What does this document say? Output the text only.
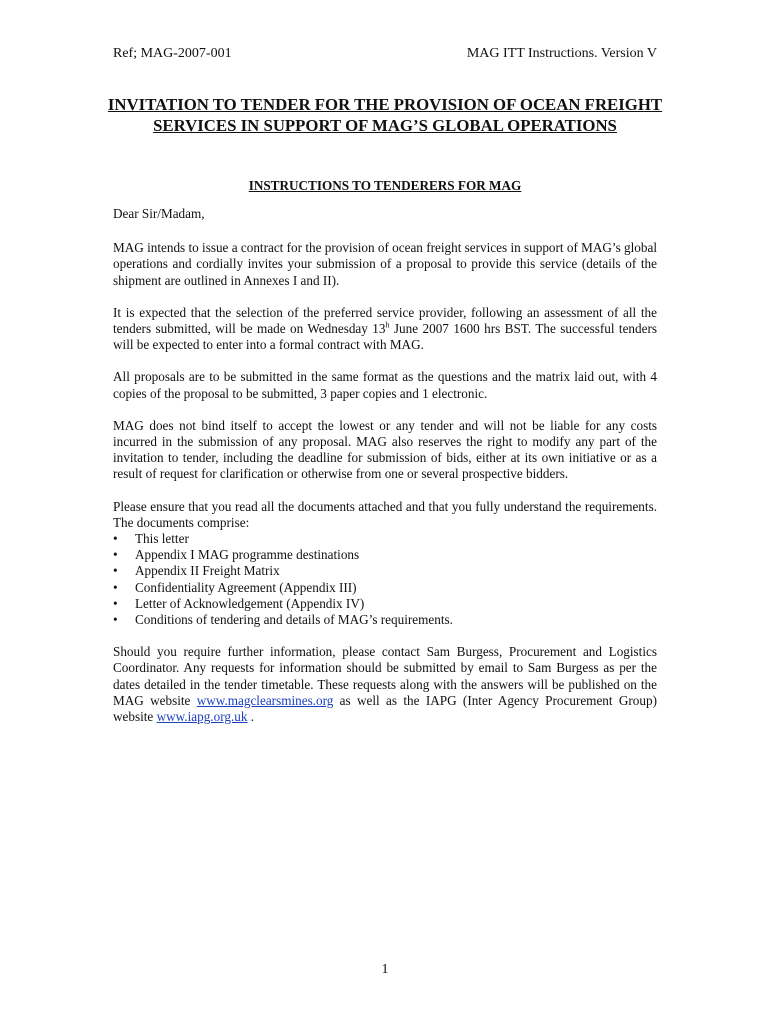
Ref; MAG-2007-001	MAG ITT Instructions. Version V
INVITATION TO TENDER FOR THE PROVISION OF OCEAN FREIGHT SERVICES IN SUPPORT OF MAG’S GLOBAL OPERATIONS
INSTRUCTIONS TO TENDERERS FOR MAG

Dear Sir/Madam,

MAG intends to issue a contract for the provision of ocean freight services in support of MAG’s global operations and cordially invites your submission of a proposal to provide this service (details of the shipment are outlined in Annexes I and II).

It is expected that the selection of the preferred service provider, following an assessment of all the tenders submitted, will be made on Wednesday 13$^h$ June 2007 1600 hrs BST. The successful tenders will be expected to enter into a formal contract with MAG.

All proposals are to be submitted in the same format as the questions and the matrix laid out, with 4 copies of the proposal to be submitted, 3 paper copies and 1 electronic.

MAG does not bind itself to accept the lowest or any tender and will not be liable for any costs incurred in the submission of any proposal. MAG also reserves the right to modify any part of the invitation to tender, including the deadline for submission of bids, either at its own initiative or as a result of request for clarification or otherwise from one or several prospective bidders.

Please ensure that you read all the documents attached and that you fully understand the requirements. The documents comprise:

• This letter
• Appendix I MAG programme destinations
• Appendix II Freight Matrix
• Confidentiality Agreement (Appendix III)
• Letter of Acknowledgement (Appendix IV)
• Conditions of tendering and details of MAG’s requirements.

Should you require further information, please contact Sam Burgess, Procurement and Logistics Coordinator. Any requests for information should be submitted by email to Sam Burgess as per the dates detailed in the tender timetable. These requests along with the answers will be published on the MAG website www.magclearsmines.org as well as the IAPG (Inter Agency Procurement Group) website www.iapg.org.uk .

1
